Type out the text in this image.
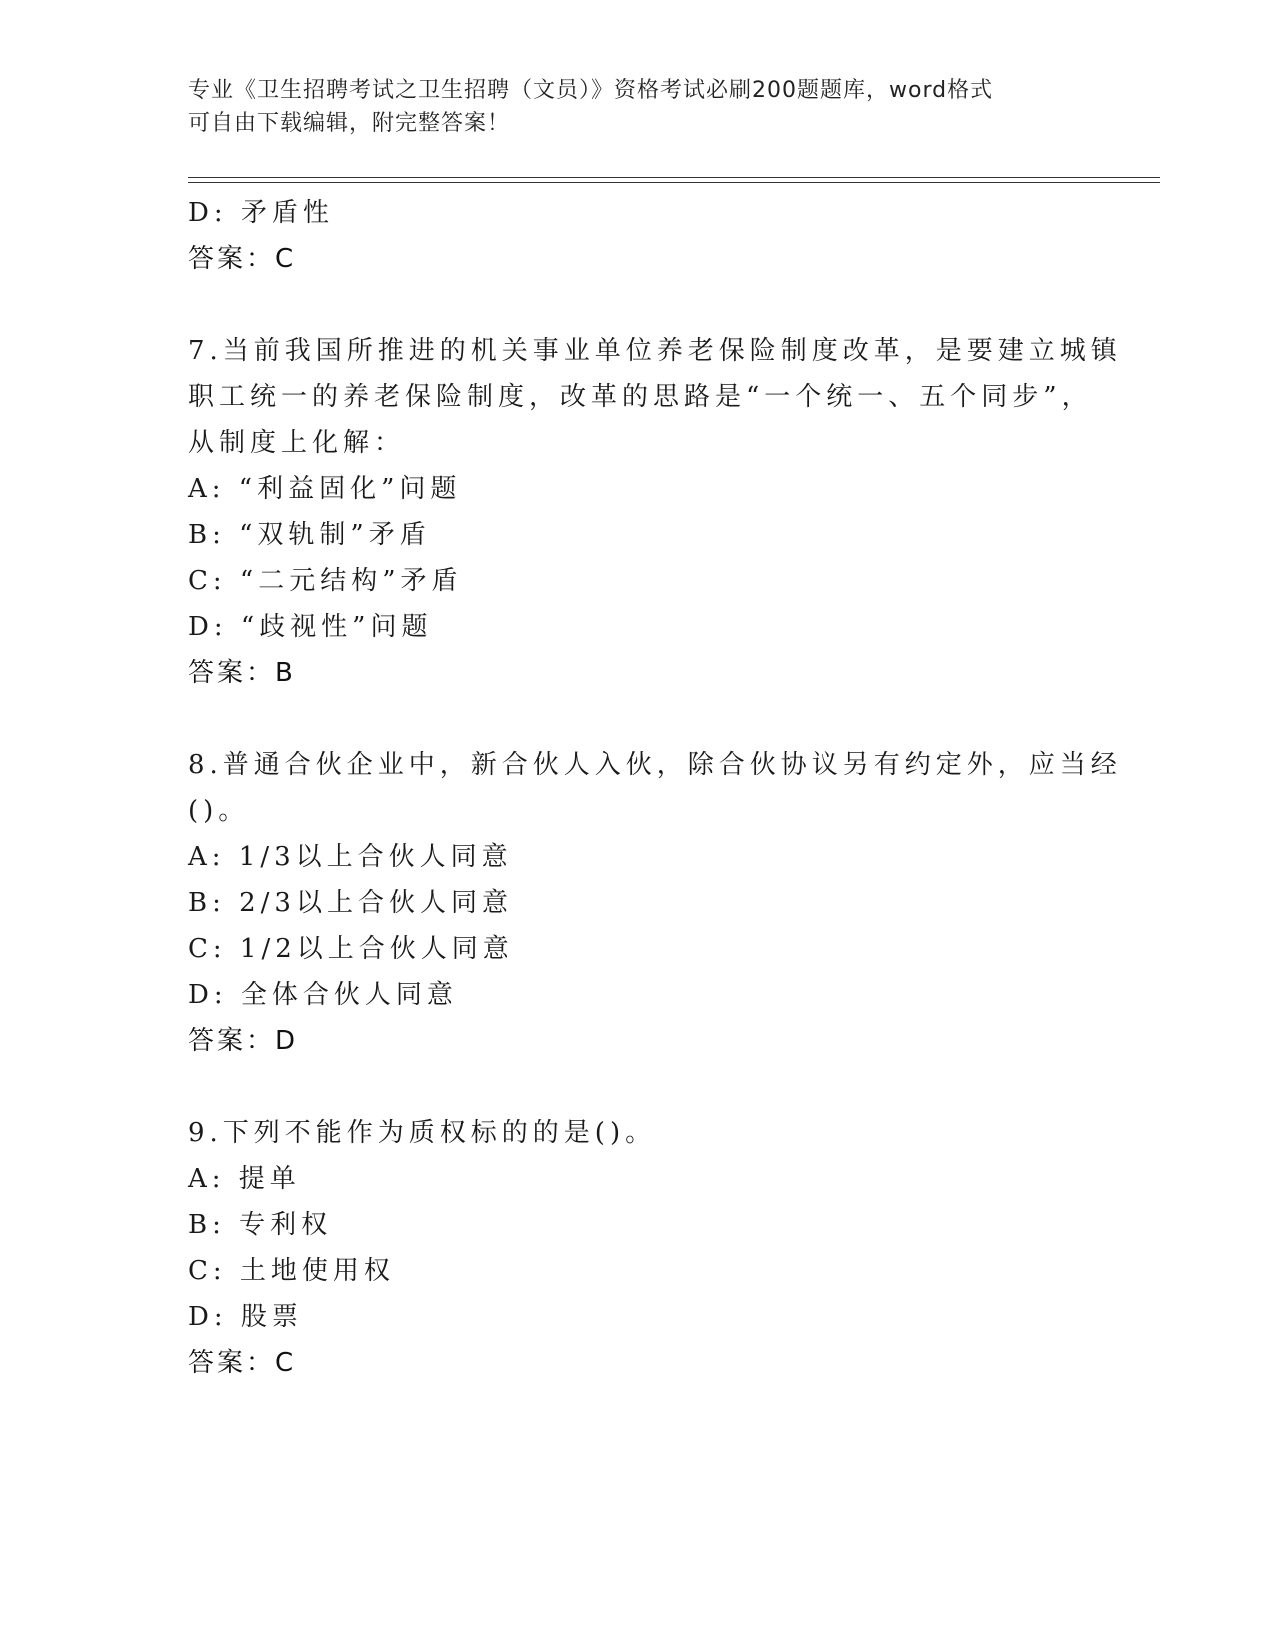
专业《卫生招聘考试之卫生招聘（文员）》资格考试必刷200题题库，word格式
可自由下载编辑，附完整答案！
D: 矛盾性
答案：C
7.当前我国所推进的机关事业单位养老保险制度改革，是要建立城镇
职工统一的养老保险制度，改革的思路是“一个统一、五个同步”，
从制度上化解：
A: “利益固化”问题
B: “双轨制”矛盾
C: “二元结构”矛盾
D: “歧视性”问题
答案：B
8.普通合伙企业中，新合伙人入伙，除合伙协议另有约定外，应当经
()。
A: 1/3以上合伙人同意
B: 2/3以上合伙人同意
C: 1/2以上合伙人同意
D: 全体合伙人同意
答案：D
9.下列不能作为质权标的的是()。
A: 提单
B: 专利权
C: 土地使用权
D: 股票
答案：C
